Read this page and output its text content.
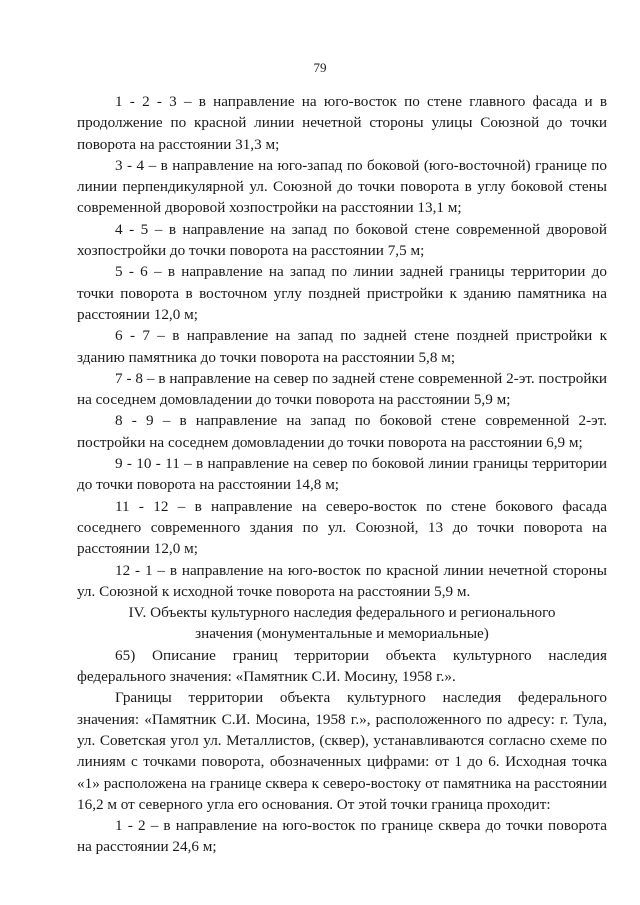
79

1 - 2 - 3 – в направление на юго-восток по стене главного фасада и в продолжение по красной линии нечетной стороны улицы Союзной до точки поворота на расстоянии 31,3 м;

3 - 4 – в направление на юго-запад по боковой (юго-восточной) границе по линии перпендикулярной ул. Союзной до точки поворота в углу боковой стены современной дворовой хозпостройки на расстоянии 13,1 м;

4 - 5 – в направление на запад по боковой стене современной дворовой хозпостройки до точки поворота на расстоянии 7,5 м;

5 - 6 – в направление на запад по линии задней границы территории до точки поворота в восточном углу поздней пристройки к зданию памятника на расстоянии 12,0 м;

6 - 7 – в направление на запад по задней стене поздней пристройки к зданию памятника до точки поворота на расстоянии 5,8 м;

7 - 8 – в направление на север по задней стене современной 2-эт. постройки на соседнем домовладении до точки поворота на расстоянии 5,9 м;

8 - 9 – в направление на запад по боковой стене современной 2-эт. постройки на соседнем домовладении до точки поворота на расстоянии 6,9 м;

9 - 10 - 11 – в направление на север по боковой линии границы территории до точки поворота на расстоянии 14,8 м;

11 - 12 – в направление на северо-восток по стене бокового фасада соседнего современного здания по ул. Союзной, 13 до точки поворота на расстоянии 12,0 м;

12 - 1 – в направление на юго-восток по красной линии нечетной стороны ул. Союзной к исходной точке поворота на расстоянии 5,9 м.

IV. Объекты культурного наследия федерального и регионального
значения (монументальные и мемориальные)

65) Описание границ территории объекта культурного наследия федерального значения: «Памятник С.И. Мосину, 1958 г.».

Границы территории объекта культурного наследия федерального значения: «Памятник С.И. Мосина, 1958 г.», расположенного по адресу: г. Тула, ул. Советская угол ул. Металлистов, (сквер), устанавливаются согласно схеме по линиям с точками поворота, обозначенных цифрами: от 1 до 6. Исходная точка «1» расположена на границе сквера к северо-востоку от памятника на расстоянии 16,2 м от северного угла его основания. От этой точки граница проходит:

1 - 2 – в направление на юго-восток по границе сквера до точки поворота на расстоянии 24,6 м;
